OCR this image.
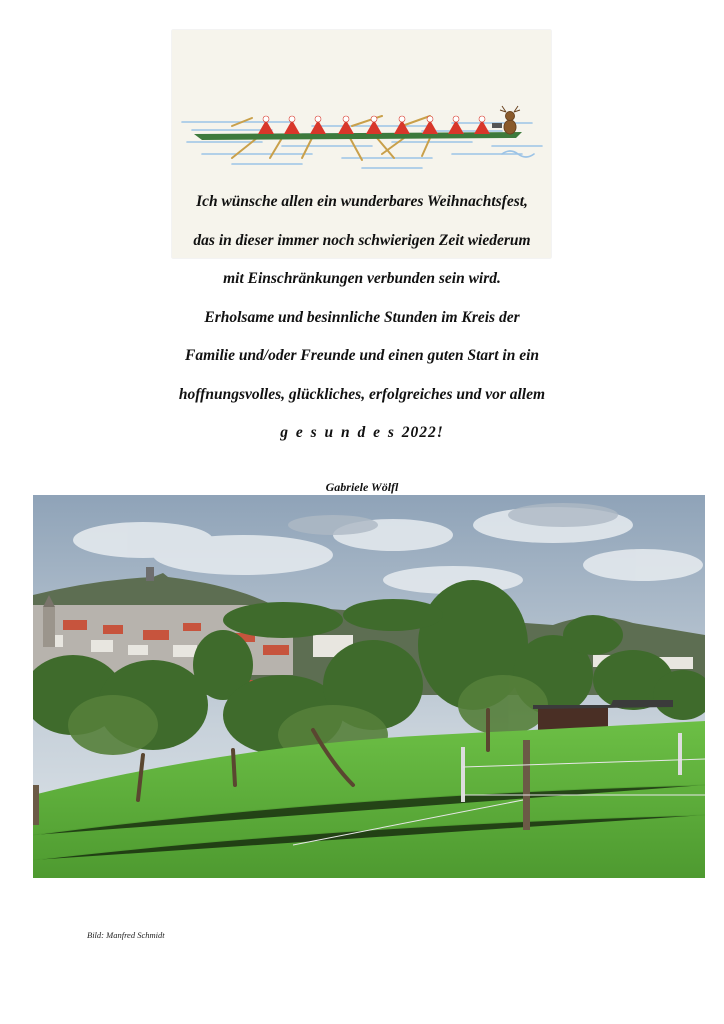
Ich wünsche allen ein wunderbares Weihnachtsfest,
das in dieser immer noch schwierigen Zeit wiederum
mit Einschränkungen verbunden sein wird.
Erholsame und besinnliche Stunden im Kreis der
Familie und/oder Freunde und einen guten Start in ein
hoffnungsvolles, glückliches, erfolgreiches und vor allem
g e s u n d e s 2022!
Gabriele Wölfl
Bild: Manfred Schmidt
